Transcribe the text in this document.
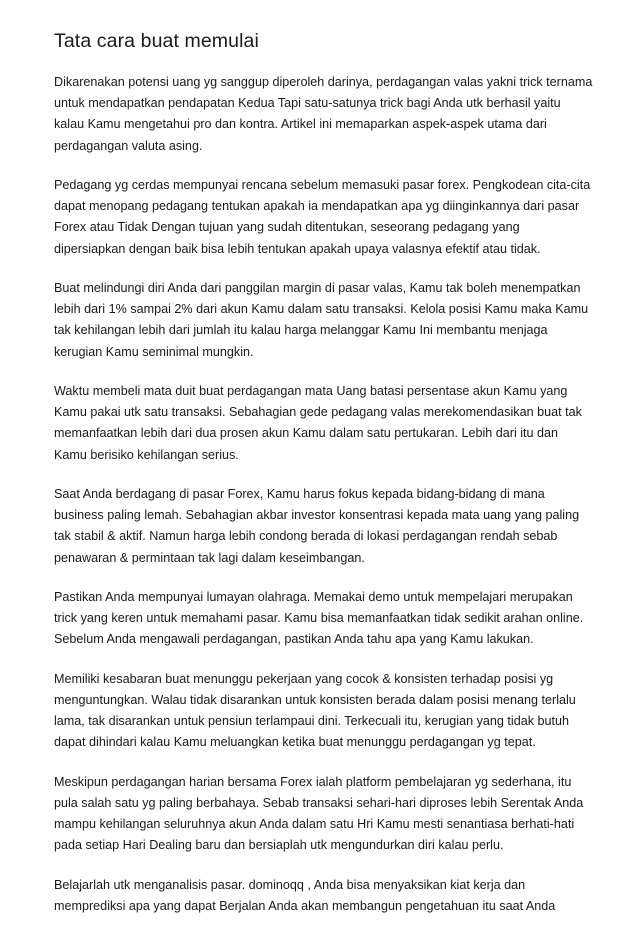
Tata cara buat memulai

Dikarenakan potensi uang yg sanggup diperoleh darinya, perdagangan valas yakni trick ternama untuk mendapatkan pendapatan Kedua Tapi satu-satunya trick bagi Anda utk berhasil yaitu kalau Kamu mengetahui pro dan kontra. Artikel ini memaparkan aspek-aspek utama dari perdagangan valuta asing.

Pedagang yg cerdas mempunyai rencana sebelum memasuki pasar forex. Pengkodean cita-cita dapat menopang pedagang tentukan apakah ia mendapatkan apa yg diinginkannya dari pasar Forex atau Tidak Dengan tujuan yang sudah ditentukan, seseorang pedagang yang dipersiapkan dengan baik bisa lebih tentukan apakah upaya valasnya efektif atau tidak.

Buat melindungi diri Anda dari panggilan margin di pasar valas, Kamu tak boleh menempatkan lebih dari 1% sampai 2% dari akun Kamu dalam satu transaksi. Kelola posisi Kamu maka Kamu tak kehilangan lebih dari jumlah itu kalau harga melanggar Kamu Ini membantu menjaga kerugian Kamu seminimal mungkin.

Waktu membeli mata duit buat perdagangan mata Uang batasi persentase akun Kamu yang Kamu pakai utk satu transaksi. Sebahagian gede pedagang valas merekomendasikan buat tak memanfaatkan lebih dari dua prosen akun Kamu dalam satu pertukaran. Lebih dari itu dan Kamu berisiko kehilangan serius.

Saat Anda berdagang di pasar Forex, Kamu harus fokus kepada bidang-bidang di mana business paling lemah. Sebahagian akbar investor konsentrasi kepada mata uang yang paling tak stabil & aktif. Namun harga lebih condong berada di lokasi perdagangan rendah sebab penawaran & permintaan tak lagi dalam keseimbangan.

Pastikan Anda mempunyai lumayan olahraga. Memakai demo untuk mempelajari merupakan trick yang keren untuk memahami pasar. Kamu bisa memanfaatkan tidak sedikit arahan online. Sebelum Anda mengawali perdagangan, pastikan Anda tahu apa yang Kamu lakukan.

Memiliki kesabaran buat menunggu pekerjaan yang cocok & konsisten terhadap posisi yg menguntungkan. Walau tidak disarankan untuk konsisten berada dalam posisi menang terlalu lama, tak disarankan untuk pensiun terlampaui dini. Terkecuali itu, kerugian yang tidak butuh dapat dihindari kalau Kamu meluangkan ketika buat menunggu perdagangan yg tepat.

Meskipun perdagangan harian bersama Forex ialah platform pembelajaran yg sederhana, itu pula salah satu yg paling berbahaya. Sebab transaksi sehari-hari diproses lebih Serentak Anda mampu kehilangan seluruhnya akun Anda dalam satu Hri Kamu mesti senantiasa berhati-hati pada setiap Hari Dealing baru dan bersiaplah utk mengundurkan diri kalau perlu.

Belajarlah utk menganalisis pasar. dominoqq , Anda bisa menyaksikan kiat kerja dan memprediksi apa yang dapat Berjalan Anda akan membangun pengetahuan itu saat Anda
